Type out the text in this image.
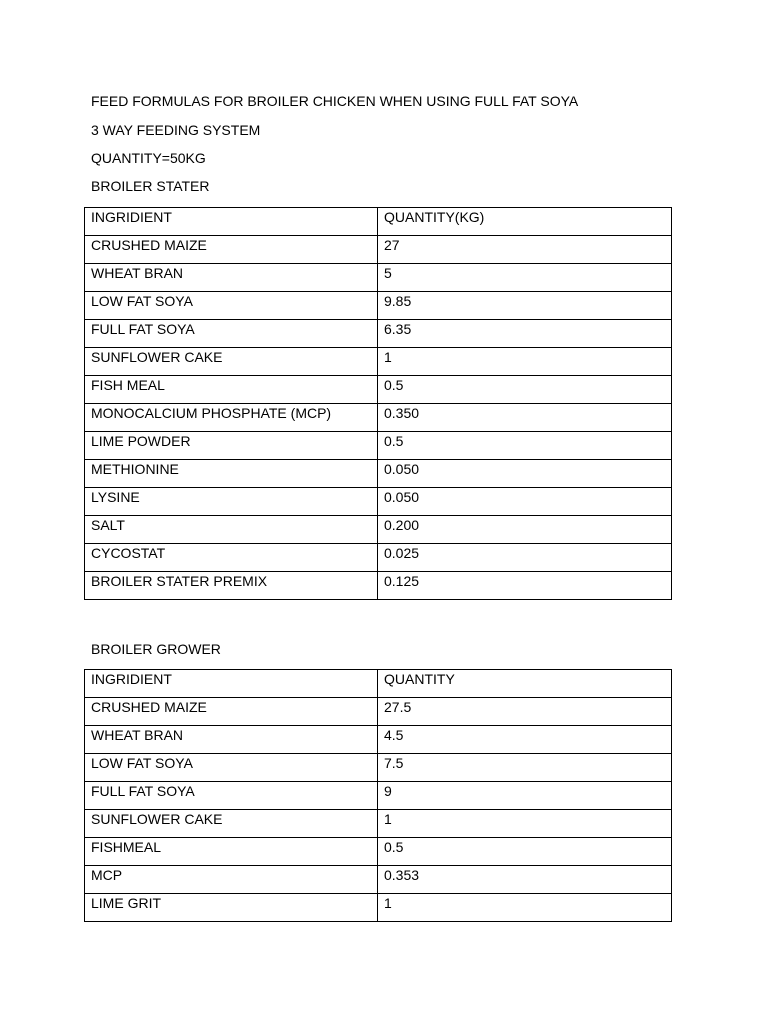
FEED FORMULAS FOR BROILER CHICKEN WHEN USING FULL FAT SOYA

3 WAY FEEDING SYSTEM

QUANTITY=50KG

BROILER STATER

INGRIDIENT	QUANTITY(KG)
CRUSHED MAIZE	27
WHEAT BRAN	5
LOW FAT SOYA	9.85
FULL FAT SOYA	6.35
SUNFLOWER CAKE	1
FISH MEAL	0.5
MONOCALCIUM PHOSPHATE (MCP)	0.350
LIME POWDER	0.5
METHIONINE	0.050
LYSINE	0.050
SALT	0.200
CYCOSTAT	0.025
BROILER STATER PREMIX	0.125

BROILER GROWER

INGRIDIENT	QUANTITY
CRUSHED MAIZE	27.5
WHEAT BRAN	4.5
LOW FAT SOYA	7.5
FULL FAT SOYA	9
SUNFLOWER CAKE	1
FISHMEAL	0.5
MCP	0.353
LIME GRIT	1
